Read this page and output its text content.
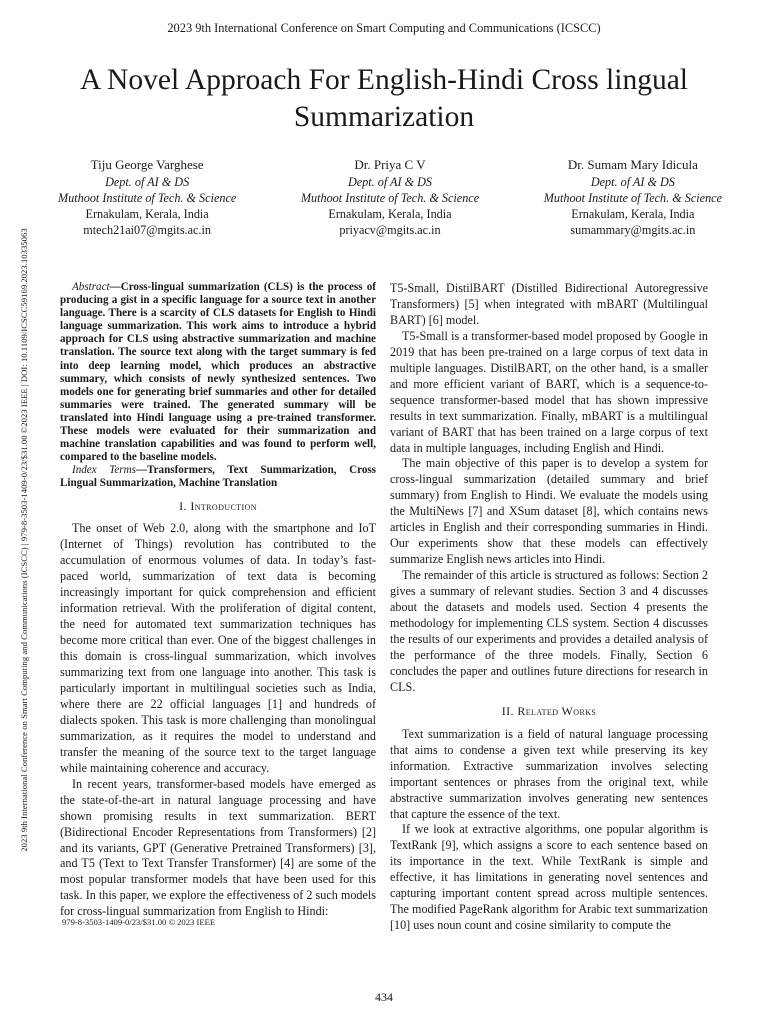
2023 9th International Conference on Smart Computing and Communications (ICSCC)
A Novel Approach For English-Hindi Cross lingual
Summarization
2023 9th International Conference on Smart Computing and Communications (ICSCC) | 979-8-3503-1409-0/23/$31.00 ©2023 IEEE | DOI: 10.1109/ICSCC59169.2023.10335063
Tiju George Varghese
Dept. of AI & DS
Muthoot Institute of Tech. & Science
Ernakulam, Kerala, India
mtech21ai07@mgits.ac.in
Dr. Priya C V
Dept. of AI & DS
Muthoot Institute of Tech. & Science
Ernakulam, Kerala, India
priyacv@mgits.ac.in
Dr. Sumam Mary Idicula
Dept. of AI & DS
Muthoot Institute of Tech. & Science
Ernakulam, Kerala, India
sumammary@mgits.ac.in

Abstract—Cross-lingual summarization (CLS) is the process of producing a gist in a specific language for a source text in another language. There is a scarcity of CLS datasets for English to Hindi language summarization. This work aims to introduce a hybrid approach for CLS using abstractive summarization and machine translation. The source text along with the target summary is fed into deep learning model, which produces an abstractive summary, which consists of newly synthesized sentences. Two models one for generating brief summaries and other for detailed summaries were trained. The generated summary will be translated into Hindi language using a pre-trained transformer. These models were evaluated for their summarization and machine translation capabilities and was found to perform well, compared to the baseline models.

Index Terms—Transformers, Text Summarization, Cross Lingual Summarization, Machine Translation

I. Introduction

The onset of Web 2.0, along with the smartphone and IoT (Internet of Things) revolution has contributed to the accumulation of enormous volumes of data. In today’s fast-paced world, summarization of text data is becoming increasingly important for quick comprehension and efficient information retrieval. With the proliferation of digital content, the need for automated text summarization techniques has become more critical than ever. One of the biggest challenges in this domain is cross-lingual summarization, which involves summarizing text from one language into another. This task is particularly important in multilingual societies such as India, where there are 22 official languages [1] and hundreds of dialects spoken. This task is more challenging than monolingual summarization, as it requires the model to understand and transfer the meaning of the source text to the target language while maintaining coherence and accuracy.

In recent years, transformer-based models have emerged as the state-of-the-art in natural language processing and have shown promising results in text summarization. BERT (Bidirectional Encoder Representations from Transformers) [2] and its variants, GPT (Generative Pretrained Transformers) [3], and T5 (Text to Text Transfer Transformer) [4] are some of the most popular transformer models that have been used for this task. In this paper, we explore the effectiveness of 2 such models for cross-lingual summarization from English to Hindi:

T5-Small, DistilBART (Distilled Bidirectional Autoregressive Transformers) [5] when integrated with mBART (Multilingual BART) [6] model.

T5-Small is a transformer-based model proposed by Google in 2019 that has been pre-trained on a large corpus of text data in multiple languages. DistilBART, on the other hand, is a smaller and more efficient variant of BART, which is a sequence-to-sequence transformer-based model that has shown impressive results in text summarization. Finally, mBART is a multilingual variant of BART that has been trained on a large corpus of text data in multiple languages, including English and Hindi.

The main objective of this paper is to develop a system for cross-lingual summarization (detailed summary and brief summary) from English to Hindi. We evaluate the models using the MultiNews [7] and XSum dataset [8], which contains news articles in English and their corresponding summaries in Hindi. Our experiments show that these models can effectively summarize English news articles into Hindi.

The remainder of this article is structured as follows: Section 2 gives a summary of relevant studies. Section 3 and 4 discusses about the datasets and models used. Section 4 presents the methodology for implementing CLS system. Section 4 discusses the results of our experiments and provides a detailed analysis of the performance of the three models. Finally, Section 6 concludes the paper and outlines future directions for research in CLS.

II. Related Works

Text summarization is a field of natural language processing that aims to condense a given text while preserving its key information. Extractive summarization involves selecting important sentences or phrases from the original text, while abstractive summarization involves generating new sentences that capture the essence of the text.

If we look at extractive algorithms, one popular algorithm is TextRank [9], which assigns a score to each sentence based on its importance in the text. While TextRank is simple and effective, it has limitations in generating novel sentences and capturing important content spread across multiple sentences. The modified PageRank algorithm for Arabic text summarization [10] uses noun count and cosine similarity to compute the

979-8-3503-1409-0/23/$31.00 © 2023 IEEE
434
